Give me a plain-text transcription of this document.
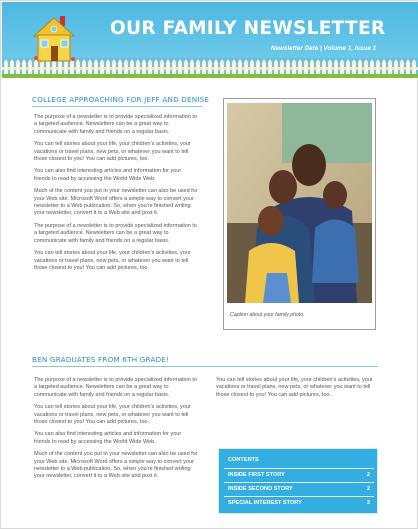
OUR FAMILY NEWSLETTER
Newsletter Date | Volume 1, Issue 1
COLLEGE APPROACHING FOR JEFF AND DENISE

The purpose of a newsletter is to provide specialized information to a targeted audience. Newsletters can be a great way to communicate with family and friends on a regular basis.

You can tell stories about your life, your children's activities, your vacations or travel plans, new pets, or whatever you want to tell those closest to you! You can add pictures, too.

You can also find interesting articles and information for your friends to read by accessing the World Wide Web.

Much of the content you put in your newsletter can also be used for your Web site. Microsoft Word offers a simple way to convert your newsletter to a Web publication. So, when you're finished writing your newsletter, convert it to a Web site and post it.

The purpose of a newsletter is to provide specialized information to a targeted audience. Newsletters can be a great way to communicate with family and friends on a regular basis.

You can tell stories about your life, your children's activities, your vacations or travel plans, new pets, or whatever you want to tell those closest to you! You can add pictures, too.

Caption about your family photo.
BEN GRADUATES FROM 6TH GRADE!

The purpose of a newsletter is to provide specialized information to a targeted audience. Newsletters can be a great way to communicate with family and friends on a regular basis.

You can tell stories about your life, your children's activities, your vacations or travel plans, new pets, or whatever you want to tell those closest to you! You can add pictures, too.

You can also find interesting articles and information for your friends to read by accessing the World Wide Web.

Much of the content you put in your newsletter can also be used for your Web site. Microsoft Word offers a simple way to convert your newsletter to a Web publication. So, when you're finished writing your newsletter, convert it to a Web site and post it.

You can tell stories about your life, your children's activities, your vacations or travel plans, new pets, or whatever you want to tell those closest to you! You can add pictures, too.

CONTENTS
INSIDE FIRST STORY	2
INSIDE SECOND STORY	2
SPECIAL INTEREST STORY	2
